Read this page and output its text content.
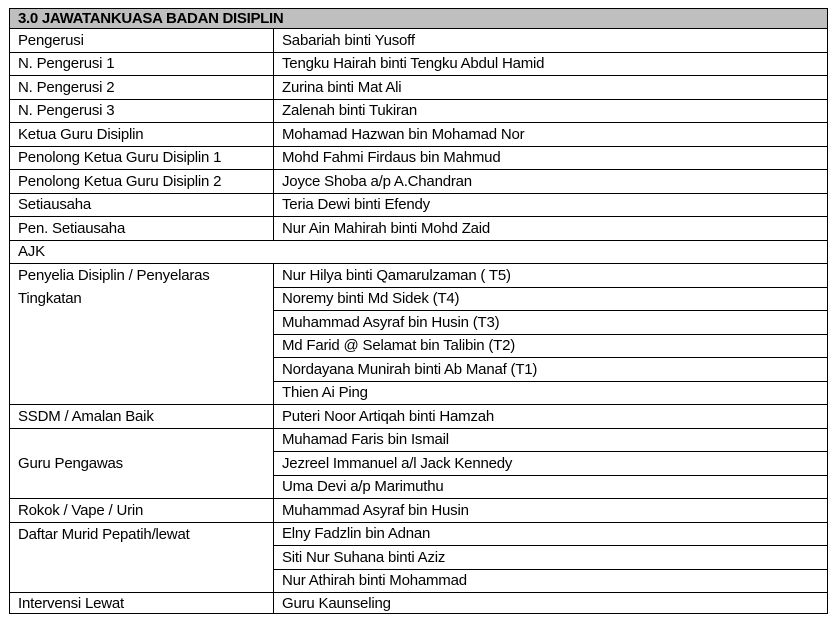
3.0 JAWATANKUASA BADAN DISIPLIN	
Pengerusi	Sabariah binti Yusoff
N. Pengerusi 1	Tengku Hairah binti Tengku Abdul Hamid
N. Pengerusi 2	Zurina binti Mat Ali
N. Pengerusi 3	Zalenah binti Tukiran
Ketua Guru Disiplin	Mohamad Hazwan bin Mohamad Nor
Penolong Ketua Guru Disiplin 1	Mohd Fahmi Firdaus bin Mahmud
Penolong Ketua Guru Disiplin 2	Joyce Shoba a/p A.Chandran
Setiausaha	Teria Dewi binti Efendy
Pen. Setiausaha	Nur Ain Mahirah binti Mohd Zaid
AJK	
Penyelia Disiplin / Penyelaras Tingkatan	Nur Hilya binti Qamarulzaman ( T5)
	Noremy binti Md Sidek (T4)
	Muhammad Asyraf bin Husin (T3)
	Md Farid @ Selamat bin Talibin (T2)
	Nordayana Munirah binti Ab Manaf (T1)
	Thien Ai Ping
SSDM / Amalan Baik	Puteri Noor Artiqah binti Hamzah
Guru Pengawas	Muhamad Faris bin Ismail
	Jezreel Immanuel a/l Jack Kennedy
	Uma Devi a/p Marimuthu
Rokok / Vape / Urin	Muhammad Asyraf bin Husin
Daftar Murid Pepatih/lewat	Elny Fadzlin bin Adnan
	Siti Nur Suhana binti Aziz
	Nur Athirah binti Mohammad
Intervensi Lewat	Guru Kaunseling
